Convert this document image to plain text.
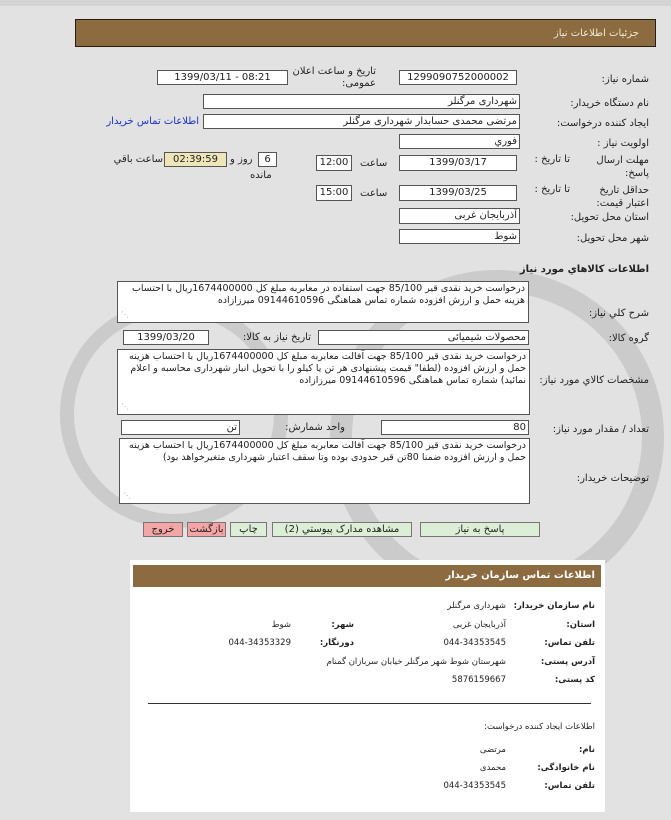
جزئیات اطلاعات نیاز
شماره نیاز:
1299090752000002
تاریخ و ساعت اعلان عمومی:
1399/03/11 - 08:21
نام دستگاه خریدار:
شهرداری مرگنلر
ایجاد کننده درخواست:
مرتضی محمدی حسابدار شهرداری مرگنلر
اطلاعات تماس خریدار
اولویت نیاز :
فوري
مهلت ارسال پاسخ:
تا تاریخ :
1399/03/17
ساعت
12:00
6
روز و
02:39:59
ساعت باقي
مانده
حداقل تاریخ اعتبار قیمت:
تا تاریخ :
1399/03/25
ساعت
15:00
استان محل تحویل:
آذربایجان غربی
شهر محل تحویل:
شوط
اطلاعات کالاهاي مورد نیاز
شرح کلي نیاز:
درخواست خرید نقدی قیر 85/100 جهت استفاده در معابربه مبلغ کل 1674400000ریال با احتساب هزینه حمل و ارزش افزوده شماره تماس هماهنگی 09144610596 میرزازاده
⋰
گروه کالا:
محصولات شیمیائی
تاریخ نیاز به کالا:
1399/03/20
مشخصات کالاي مورد نیاز:
درخواست خرید نقدی قیر 85/100 جهت آفالت معابربه مبلغ کل 1674400000ریال با احتساب هزینه حمل و ارزش افزوده (لطفا" قیمت پیشنهادی هر تن یا کیلو را با تحویل انبار شهرداری محاسبه و اعلام نمائید) شماره تماس هماهنگی 09144610596 میرزازاده
⋰
تعداد / مقدار مورد نیاز:
80
واحد شمارش:
تن
توضیحات خریدار:
درخواست خرید نقدی قیر 85/100 جهت آفالت معابربه مبلغ کل 1674400000ریال با احتساب هزینه حمل و ارزش افزوده ضمنا 80تن قیر حدودی بوده وتا سقف اعتبار شهرداری متغیرخواهد بود)
⋰
پاسخ به نیاز
مشاهده مدارک پیوستي (2)
چاپ
بازگشت
خروج
اطلاعات تماس سازمان خریدار
نام سازمان خریدار:
شهرداری مرگنلر
استان:
آذربایجان غربی
شهر:
شوط
تلفن تماس:
044-34353545
دورنگار:
044-34353329
آدرس پستی:
شهرستان شوط شهر مرگنلر خیابان سربازان گمنام
کد پستی:
5876159667
اطلاعات ایجاد کننده درخواست:
نام:
مرتضی
نام خانوادگی:
محمدی
تلفن تماس:
044-34353545
